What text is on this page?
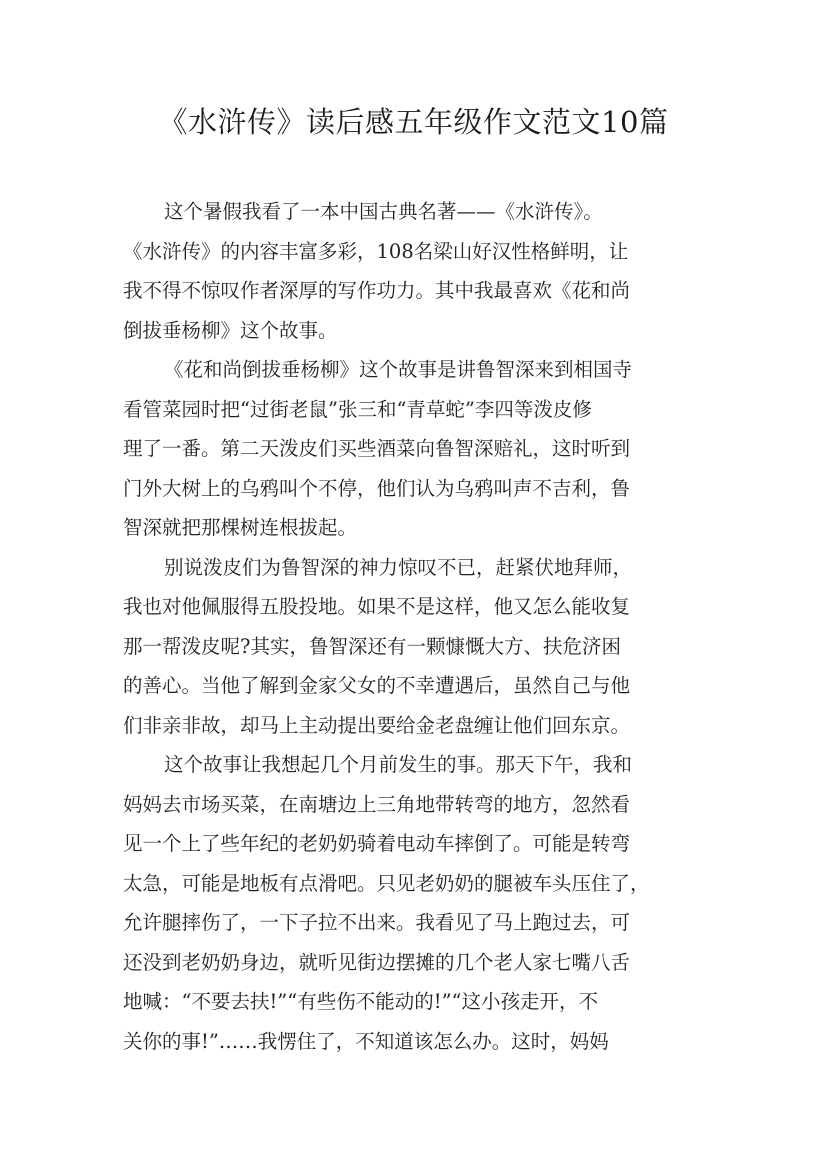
《水浒传》读后感五年级作文范文10篇
这个暑假我看了一本中国古典名著——《水浒传》。
《水浒传》的内容丰富多彩，108名梁山好汉性格鲜明，让
我不得不惊叹作者深厚的写作功力。其中我最喜欢《花和尚
倒拔垂杨柳》这个故事。
《花和尚倒拔垂杨柳》这个故事是讲鲁智深来到相国寺
看管菜园时把“过街老鼠”张三和“青草蛇”李四等泼皮修
理了一番。第二天泼皮们买些酒菜向鲁智深赔礼，这时听到
门外大树上的乌鸦叫个不停，他们认为乌鸦叫声不吉利，鲁
智深就把那棵树连根拔起。
别说泼皮们为鲁智深的神力惊叹不已，赶紧伏地拜师，
我也对他佩服得五股投地。如果不是这样，他又怎么能收复
那一帮泼皮呢?其实，鲁智深还有一颗慷慨大方、扶危济困
的善心。当他了解到金家父女的不幸遭遇后，虽然自己与他
们非亲非故，却马上主动提出要给金老盘缠让他们回东京。
这个故事让我想起几个月前发生的事。那天下午，我和
妈妈去市场买菜，在南塘边上三角地带转弯的地方，忽然看
见一个上了些年纪的老奶奶骑着电动车摔倒了。可能是转弯
太急，可能是地板有点滑吧。只见老奶奶的腿被车头压住了，
允许腿摔伤了，一下子拉不出来。我看见了马上跑过去，可
还没到老奶奶身边，就听见街边摆摊的几个老人家七嘴八舌
地喊：“不要去扶!”“有些伤不能动的!”“这小孩走开，不
关你的事!”……我愣住了，不知道该怎么办。这时，妈妈
